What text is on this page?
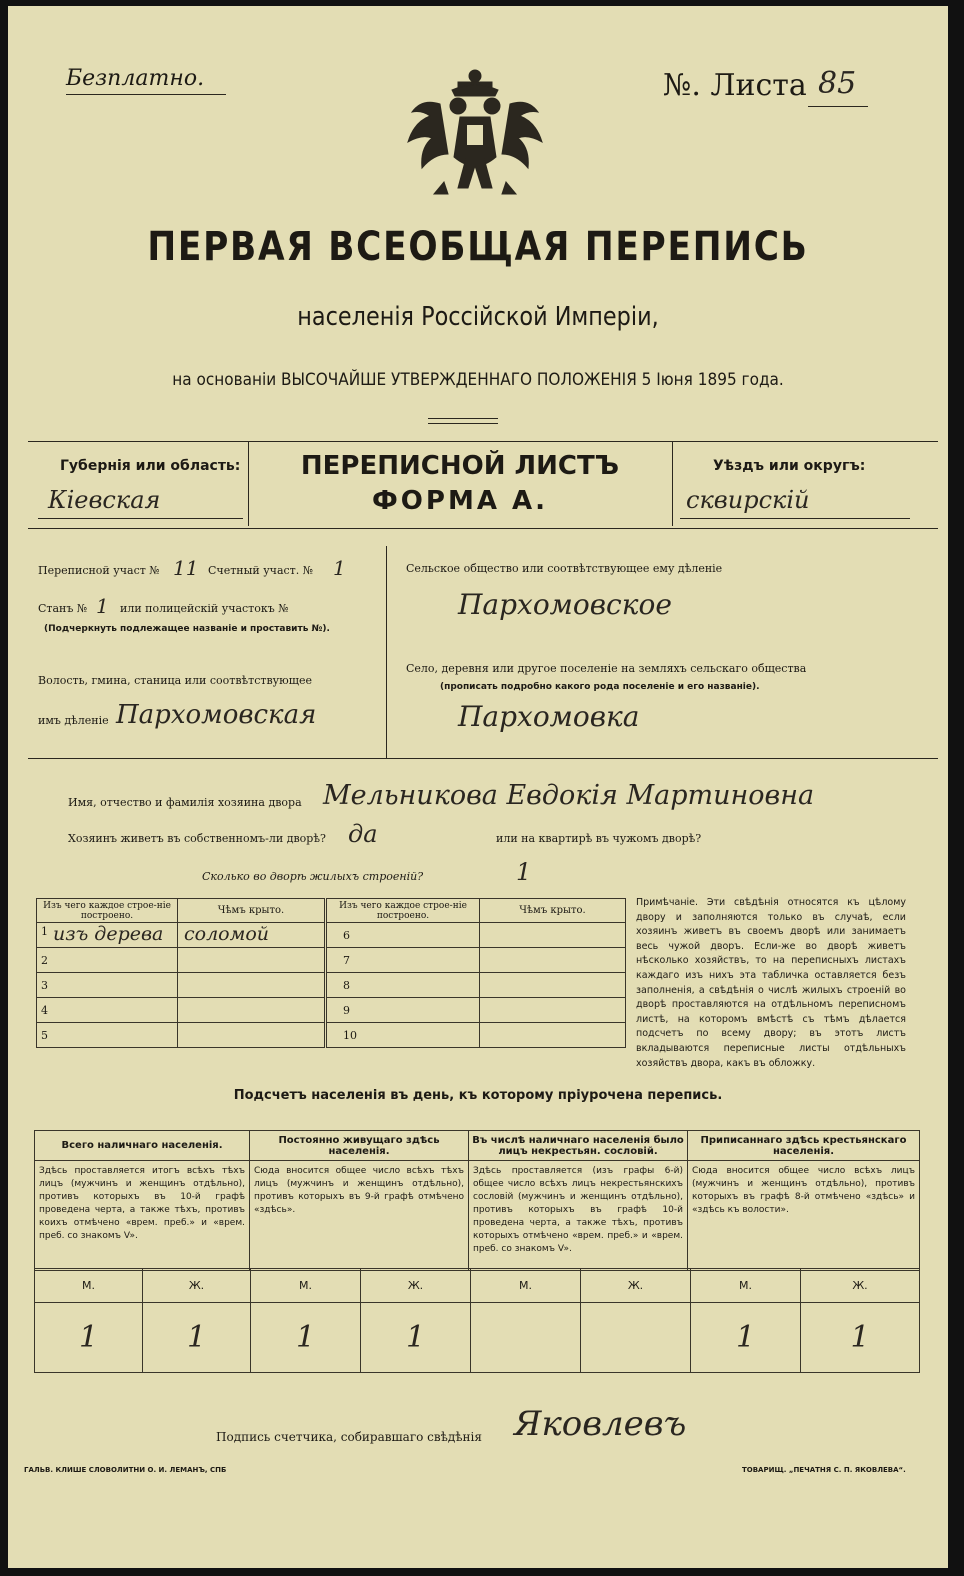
Безплатно.	№. Листа 85
ПЕРВАЯ ВСЕОБЩАЯ ПЕРЕПИСЬ
населенія Россійской Имперіи,
на основаніи ВЫСОЧАЙШЕ УТВЕРЖДЕННАГО ПОЛОЖЕНІЯ 5 Іюня 1895 года.
Губернія или область:
Кіевская
ПЕРЕПИСНОЙ ЛИСТЪ
ФОРМА А.
Уѣздъ или округъ:
сквирскій
Переписной участ № 11 Счетный участ. № 1
Станъ № 1 или полицейскій участокъ №
(Подчеркнуть подлежащее названіе и проставить №).
Волость, гмина, станица или соотвѣтствующее
имъ дѣленіе Пархомовская
Сельское общество или соотвѣтствующее ему дѣленіе
Пархомовское
Село, деревня или другое поселеніе на земляхъ сельскаго общества
(прописать подробно какого рода поселеніе и его названіе).
Пархомовка
Имя, отчество и фамилія хозяина двора Мельникова Евдокія Мартиновна
Хозяинъ живетъ въ собственномъ-ли дворѣ? да	или на квартирѣ въ чужомъ дворѣ?
Сколько во дворѣ жилыхъ строеній?	1
Изъ чего каждое строе-ніе построено.	Чѣмъ крыто.	Изъ чего каждое строе-ніе построено.	Чѣмъ крыто.

1 изъ дерева	соломой	6	
2		7	
3		8	
4		9	
5		10	
Примѣчаніе. Эти свѣдѣнія относятся къ цѣлому двору и заполняются только въ случаѣ, если хозяинъ живетъ въ своемъ дворѣ или занимаетъ весь чужой дворъ. Если-же во дворѣ живетъ нѣсколько хозяйствъ, то на переписныхъ листахъ каждаго изъ нихъ эта табличка оставляется безъ заполненія, а свѣдѣнія о числѣ жилыхъ строеній во дворѣ проставляются на отдѣльномъ переписномъ листѣ, на которомъ вмѣстѣ съ тѣмъ дѣлается подсчетъ по всему двору; въ этотъ листъ вкладываются переписные листы отдѣльныхъ хозяйствъ двора, какъ въ обложку.
Подсчетъ населенія въ день, къ которому пріурочена перепись.
Всего наличнаго населенія.	Постоянно живущаго здѣсь населенія.	Въ числѣ наличнаго населенія было лицъ некрестьян. сословій.	Приписаннаго здѣсь крестьянскаго населенія.
Здѣсь проставляется итогъ всѣхъ тѣхъ лицъ (мужчинъ и женщинъ отдѣльно), противъ которыхъ въ 10-й графѣ проведена черта, а также тѣхъ, противъ коихъ отмѣчено «врем. преб.» и «врем. преб. со знакомъ V».	Сюда вносится общее число всѣхъ тѣхъ лицъ (мужчинъ и женщинъ отдѣльно), противъ которыхъ въ 9-й графѣ отмѣчено «здѣсь».	Здѣсь проставляется (изъ графы 6-й) общее число всѣхъ лицъ некрестьянскихъ сословій (мужчинъ и женщинъ отдѣльно), противъ которыхъ въ графѣ 10-й проведена черта, а также тѣхъ, противъ которыхъ отмѣчено «врем. преб.» и «врем. преб. со знакомъ V».	Сюда вносится общее число всѣхъ лицъ (мужчинъ и женщинъ отдѣльно), противъ которыхъ въ графѣ 8-й отмѣчено «здѣсь» и «здѣсь къ волости».
М.	Ж.	М.	Ж.	М.	Ж.	М.	Ж.
1	1	1	1			1	1
Подпись счетчика, собиравшаго свѣдѣнія Яковлевъ
ГАЛЬВ. КЛИШЕ СЛОВОЛИТНИ О. И. ЛЕМАНЪ, СПБ	ТОВАРИЩ. „ПЕЧАТНЯ С. П. ЯКОВЛЕВА“.
